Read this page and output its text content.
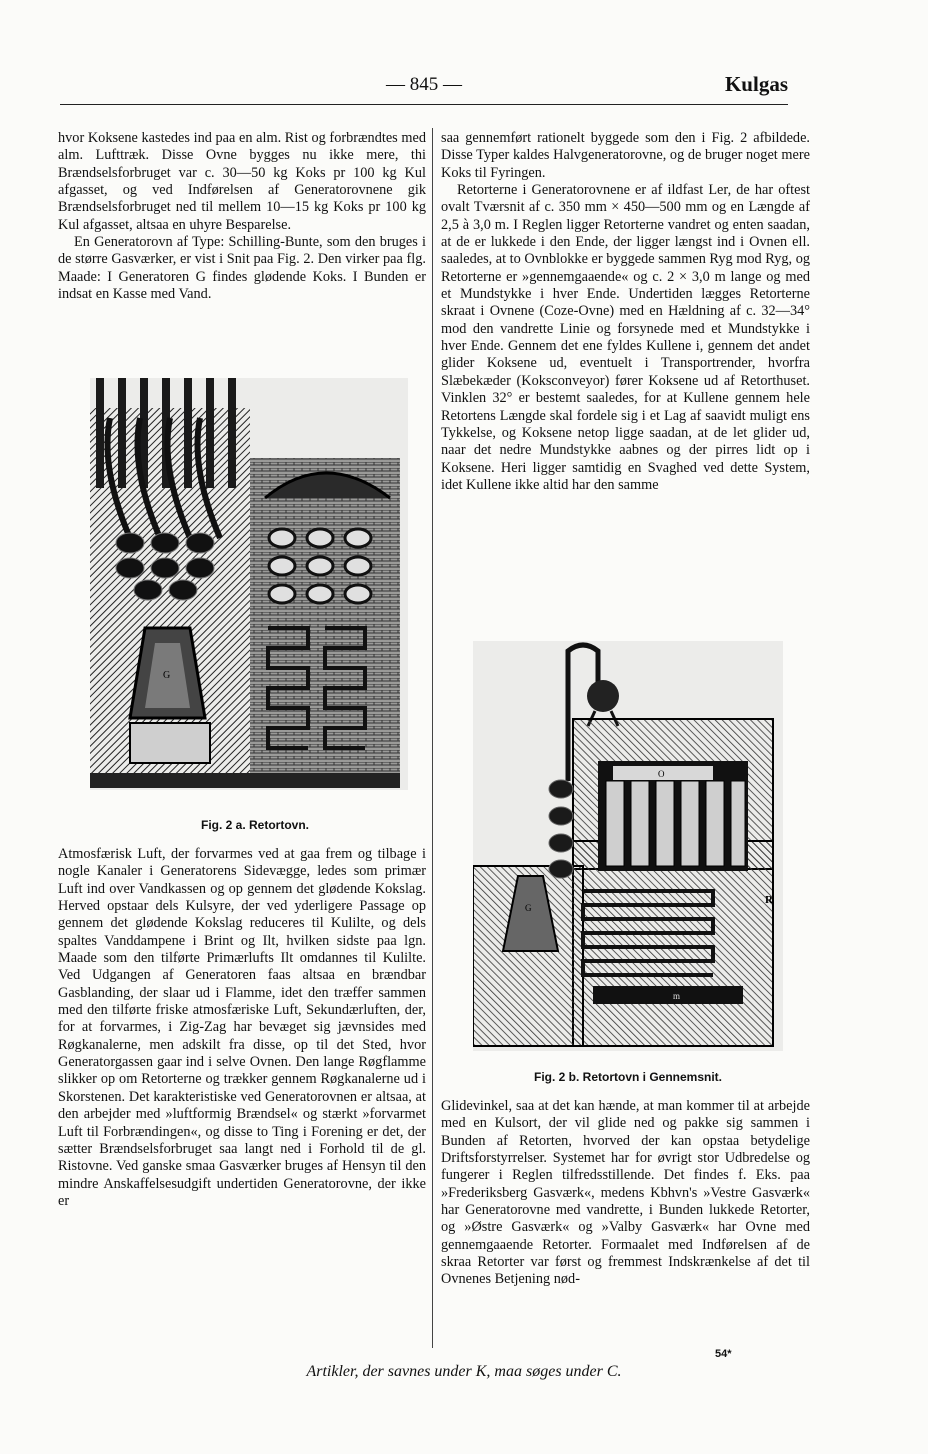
— 845 —	Kulgas

hvor Koksene kastedes ind paa en alm. Rist og forbrændtes med alm. Lufttræk. Disse Ovne bygges nu ikke mere, thi Brændselsforbruget var c. 30—50 kg Koks pr 100 kg Kul afgasset, og ved Indførelsen af Generatorovnene gik Brændselsforbruget ned til mellem 10—15 kg Koks pr 100 kg Kul afgasset, altsaa en uhyre Besparelse.

En Generatorovn af Type: Schilling-Bunte, som den bruges i de større Gasværker, er vist i Snit paa Fig. 2. Den virker paa flg. Maade: I Generatoren G findes glødende Koks. I Bunden er indsat en Kasse med Vand.

G
Fig. 2 a. Retortovn.

Atmosfærisk Luft, der forvarmes ved at gaa frem og tilbage i nogle Kanaler i Generatorens Sidevægge, ledes som primær Luft ind over Vandkassen og op gennem det glødende Kokslag. Herved opstaar dels Kulsyre, der ved yderligere Passage op gennem det glødende Kokslag reduceres til Kulilte, og dels spaltes Vanddampene i Brint og Ilt, hvilken sidste paa lgn. Maade som den tilførte Primærlufts Ilt omdannes til Kulilte. Ved Udgangen af Generatoren faas altsaa en brændbar Gasblanding, der slaar ud i Flamme, idet den træffer sammen med den tilførte friske atmosfæriske Luft, Sekundærluften, der, for at forvarmes, i Zig-Zag har bevæget sig jævnsides med Røgkanalerne, men adskilt fra disse, op til det Sted, hvor Generatorgassen gaar ind i selve Ovnen. Den lange Røgflamme slikker op om Retorterne og trækker gennem Røgkanalerne ud i Skorstenen. Det karakteristiske ved Generatorovnen er altsaa, at den arbejder med »luftformig Brændsel« og stærkt »forvarmet Luft til Forbrændingen«, og disse to Ting i Forening er det, der sætter Brændselsforbruget saa langt ned i Forhold til de gl. Ristovne. Ved ganske smaa Gasværker bruges af Hensyn til den mindre Anskaffelsesudgift undertiden Generatorovne, der ikke er

saa gennemført rationelt byggede som den i Fig. 2 afbildede. Disse Typer kaldes Halvgeneratorovne, og de bruger noget mere Koks til Fyringen.

Retorterne i Generatorovnene er af ildfast Ler, de har oftest ovalt Tværsnit af c. 350 mm × 450—500 mm og en Længde af 2,5 à 3,0 m. I Reglen ligger Retorterne vandret og enten saadan, at de er lukkede i den Ende, der ligger længst ind i Ovnen ell. saaledes, at to Ovnblokke er byggede sammen Ryg mod Ryg, og Retorterne er »gennemgaaende« og c. 2 × 3,0 m lange og med et Mundstykke i hver Ende. Undertiden lægges Retorterne skraat i Ovnene (Coze-Ovne) med en Hældning af c. 32—34° mod den vandrette Linie og forsynede med et Mundstykke i hver Ende. Gennem det ene fyldes Kullene i, gennem det andet glider Koksene ud, eventuelt i Transportrender, hvorfra Slæbekæder (Koksconveyor) fører Koksene ud af Retorthuset. Vinklen 32° er bestemt saaledes, for at Kullene gennem hele Retortens Længde skal fordele sig i et Lag af saavidt muligt ens Tykkelse, og Koksene netop ligge saadan, at de let glider ud, naar det nedre Mundstykke aabnes og der pirres lidt op i Koksene. Heri ligger samtidig en Svaghed ved dette System, idet Kullene ikke altid har den samme

O
G
m
R
Fig. 2 b. Retortovn i Gennemsnit.

Glidevinkel, saa at det kan hænde, at man kommer til at arbejde med en Kulsort, der vil glide ned og pakke sig sammen i Bunden af Retorten, hvorved der kan opstaa betydelige Driftsforstyrrelser. Systemet har for øvrigt stor Udbredelse og fungerer i Reglen tilfredsstillende. Det findes f. Eks. paa »Frederiksberg Gasværk«, medens Kbhvn's »Vestre Gasværk« har Generatorovne med vandrette, i Bunden lukkede Retorter, og »Østre Gasværk« og »Valby Gasværk« har Ovne med gennemgaaende Retorter. Formaalet med Indførelsen af de skraa Retorter var først og fremmest Indskrænkelse af det til Ovnenes Betjening nød-

54*
Artikler, der savnes under K, maa søges under C.
